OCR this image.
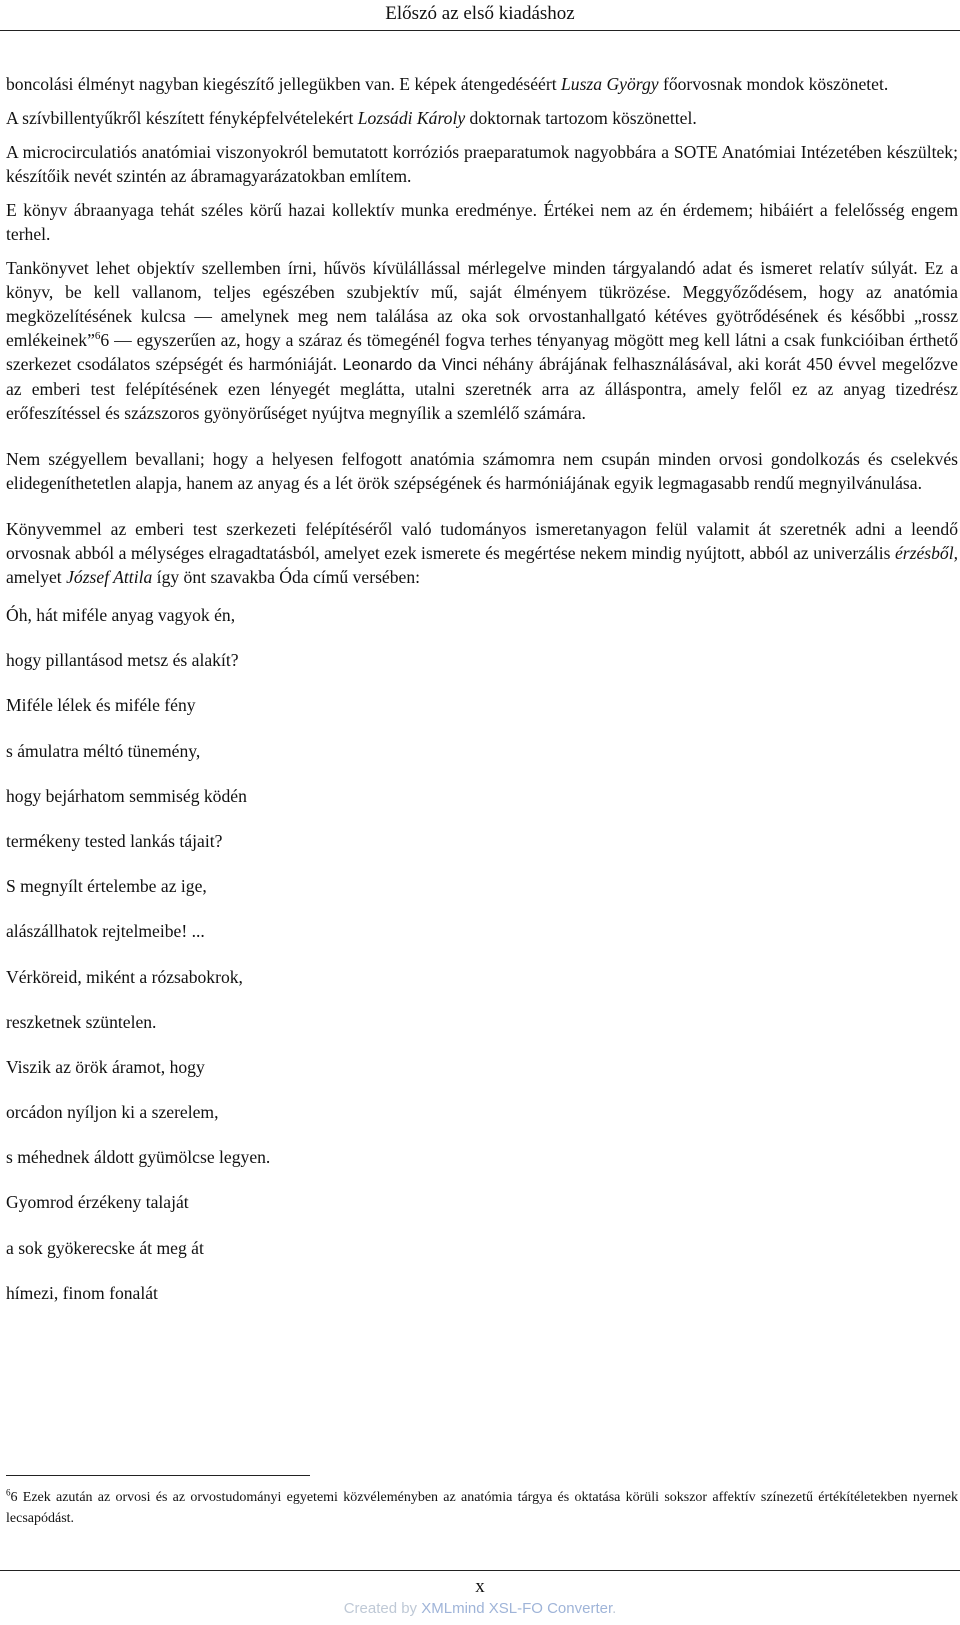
Előszó az első kiadáshoz

boncolási élményt nagyban kiegészítő jellegükben van. E képek átengedéséért Lusza György főorvosnak mondok köszönetet.

A szívbillentyűkről készített fényképfelvételekért Lozsádi Károly doktornak tartozom köszönettel.

A microcirculatiós anatómiai viszonyokról bemutatott korróziós praeparatumok nagyobbára a SOTE Anatómiai Intézetében készültek; készítőik nevét szintén az ábramagyarázatokban említem.

E könyv ábraanyaga tehát széles körű hazai kollektív munka eredménye. Értékei nem az én érdemem; hibáiért a felelősség engem terhel.

Tankönyvet lehet objektív szellemben írni, hűvös kívülállással mérlegelve minden tárgyalandó adat és ismeret relatív súlyát. Ez a könyv, be kell vallanom, teljes egészében szubjektív mű, saját élményem tükrözése. Meggyőződésem, hogy az anatómia megközelítésének kulcsa — amelynek meg nem találása az oka sok orvostanhallgató kétéves gyötrődésének és későbbi „rossz emlékeinek”$^6$6 — egyszerűen az, hogy a száraz és tömegénél fogva terhes tényanyag mögött meg kell látni a csak funkcióiban érthető szerkezet csodálatos szépségét és harmóniáját. Leonardo da Vinci néhány ábrájának felhasználásával, aki korát 450 évvel megelőzve az emberi test felépítésének ezen lényegét meglátta, utalni szeretnék arra az álláspontra, amely felől ez az anyag tizedrész erőfeszítéssel és százszoros gyönyörűséget nyújtva megnyílik a szemlélő számára.

Nem szégyellem bevallani; hogy a helyesen felfogott anatómia számomra nem csupán minden orvosi gondolkozás és cselekvés elidegeníthetetlen alapja, hanem az anyag és a lét örök szépségének és harmóniájának egyik legmagasabb rendű megnyilvánulása.

Könyvemmel az emberi test szerkezeti felépítéséről való tudományos ismeretanyagon felül valamit át szeretnék adni a leendő orvosnak abból a mélységes elragadtatásból, amelyet ezek ismerete és megértése nekem mindig nyújtott, abból az univerzális érzésből, amelyet József Attila így önt szavakba Óda című versében:

Óh, hát miféle anyag vagyok én,
hogy pillantásod metsz és alakít?
Miféle lélek és miféle fény
s ámulatra méltó tünemény,
hogy bejárhatom semmiség ködén
termékeny tested lankás tájait?
S megnyílt értelembe az ige,
alászállhatok rejtelmeibe! ...
Vérköreid, miként a rózsabokrok,
reszketnek szüntelen.
Viszik az örök áramot, hogy
orcádon nyíljon ki a szerelem,
s méhednek áldott gyümölcse legyen.
Gyomrod érzékeny talaját
a sok gyökerecske át meg át
hímezi, finom fonalát
$^6$6 Ezek azután az orvosi és az orvostudományi egyetemi közvéleményben az anatómia tárgya és oktatása körüli sokszor affektív színezetű értékítéletekben nyernek lecsapódást.
x
Created by XMLmind XSL-FO Converter.
